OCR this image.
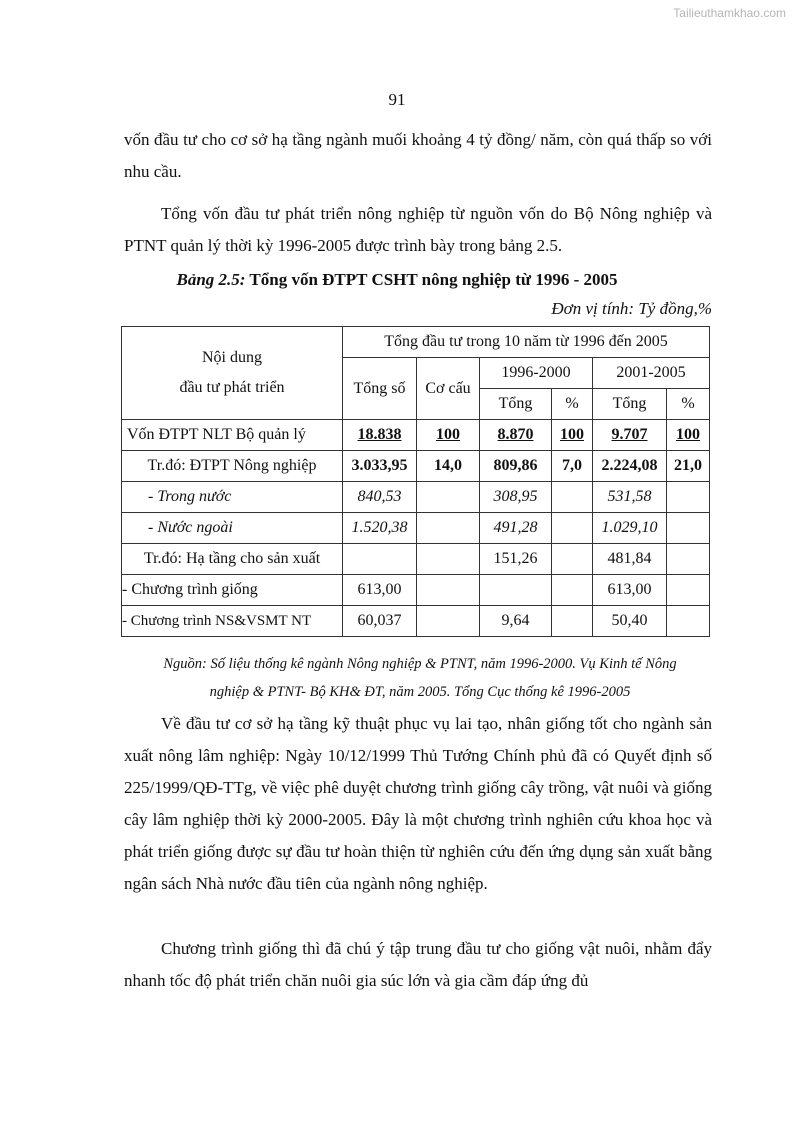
Tailieuthamkhao.com
91

vốn đầu tư cho cơ sở hạ tầng ngành muối khoảng 4 tỷ đồng/ năm, còn quá thấp so với nhu cầu.

Tổng vốn đầu tư phát triển nông nghiệp từ nguồn vốn do Bộ Nông nghiệp và PTNT quản lý thời kỳ 1996-2005 được trình bày trong bảng 2.5.

Bảng 2.5: Tổng vốn ĐTPT CSHT nông nghiệp từ 1996 - 2005
Đơn vị tính: Tỷ đồng,%
Nội dung
đầu tư phát triển	Tổng đầu tư trong 10 năm từ 1996 đến 2005					
	Tổng số	Cơ cấu	1996-2000		2001-2005	
			Tổng	%	Tổng	%
Vốn ĐTPT NLT Bộ quản lý	18.838	100	8.870	100	9.707	100
Tr.đó: ĐTPT Nông nghiệp	3.033,95	14,0	809,86	7,0	2.224,08	21,0
- Trong nước	840,53		308,95		531,58	
- Nước ngoài	1.520,38		491,28		1.029,10	
Tr.đó: Hạ tầng cho sản xuất			151,26		481,84	
- Chương trình giống	613,00				613,00	
- Chương trình NS&VSMT NT	60,037		9,64		50,40	
Nguồn: Số liệu thống kê ngành Nông nghiệp & PTNT, năm 1996-2000. Vụ Kinh tế Nông
nghiệp & PTNT- Bộ KH& ĐT, năm 2005. Tổng Cục thống kê 1996-2005

Về đầu tư cơ sở hạ tầng kỹ thuật phục vụ lai tạo, nhân giống tốt cho ngành sản xuất nông lâm nghiệp: Ngày 10/12/1999 Thủ Tướng Chính phủ đã có Quyết định số 225/1999/QĐ-TTg, về việc phê duyệt chương trình giống cây trồng, vật nuôi và giống cây lâm nghiệp thời kỳ 2000-2005. Đây là một chương trình nghiên cứu khoa học và phát triển giống được sự đầu tư hoàn thiện từ nghiên cứu đến ứng dụng sản xuất bằng ngân sách Nhà nước đầu tiên của ngành nông nghiệp.

Chương trình giống thì đã chú ý tập trung đầu tư cho giống vật nuôi, nhằm đẩy nhanh tốc độ phát triển chăn nuôi gia súc lớn và gia cầm đáp ứng đủ
